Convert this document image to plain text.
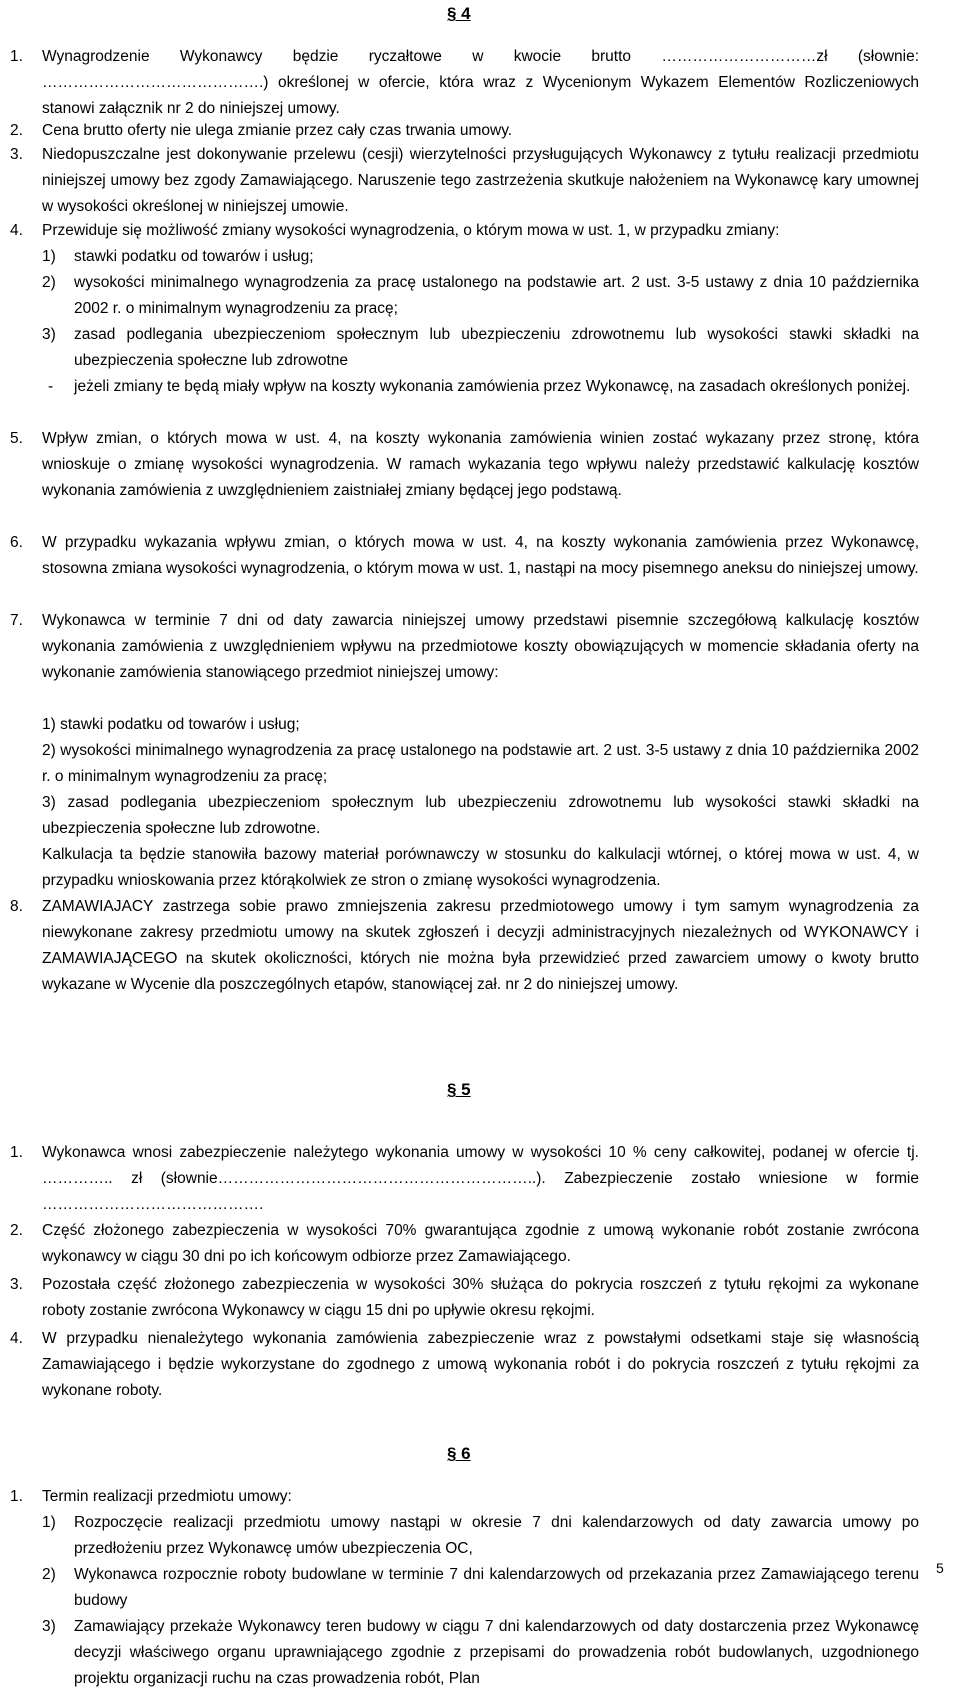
§ 4
1. Wynagrodzenie Wykonawcy będzie ryczałtowe w kwocie brutto …………………………zł (słownie: …………………………………….) określonej w ofercie, która wraz z Wycenionym Wykazem Elementów Rozliczeniowych stanowi załącznik nr 2 do niniejszej umowy.
2. Cena brutto oferty nie ulega zmianie przez cały czas trwania umowy.
3. Niedopuszczalne jest dokonywanie przelewu (cesji) wierzytelności przysługujących Wykonawcy z tytułu realizacji przedmiotu niniejszej umowy bez zgody Zamawiającego. Naruszenie tego zastrzeżenia skutkuje nałożeniem na Wykonawcę kary umownej w wysokości określonej w niniejszej umowie.
4. Przewiduje się możliwość zmiany wysokości wynagrodzenia, o którym mowa w ust. 1, w przypadku zmiany:
1) stawki podatku od towarów i usług;
2) wysokości minimalnego wynagrodzenia za pracę ustalonego na podstawie art. 2 ust. 3-5 ustawy z dnia 10 października 2002 r. o minimalnym wynagrodzeniu za pracę;
3) zasad podlegania ubezpieczeniom społecznym lub ubezpieczeniu zdrowotnemu lub wysokości stawki składki na ubezpieczenia społeczne lub zdrowotne
- jeżeli zmiany te będą miały wpływ na koszty wykonania zamówienia przez Wykonawcę, na zasadach określonych poniżej.
5. Wpływ zmian, o których mowa w ust. 4, na koszty wykonania zamówienia winien zostać wykazany przez stronę, która wnioskuje o zmianę wysokości wynagrodzenia. W ramach wykazania tego wpływu należy przedstawić kalkulację kosztów wykonania zamówienia z uwzględnieniem zaistniałej zmiany będącej jego podstawą.
6. W przypadku wykazania wpływu zmian, o których mowa w ust. 4, na koszty wykonania zamówienia przez Wykonawcę, stosowna zmiana wysokości wynagrodzenia, o którym mowa w ust. 1, nastąpi na mocy pisemnego aneksu do niniejszej umowy.
7. Wykonawca w terminie 7 dni od daty zawarcia niniejszej umowy przedstawi pisemnie szczegółową kalkulację kosztów wykonania zamówienia z uwzględnieniem wpływu na przedmiotowe koszty obowiązujących w momencie składania oferty na wykonanie zamówienia stanowiącego przedmiot niniejszej umowy:
1) stawki podatku od towarów i usług;
2) wysokości minimalnego wynagrodzenia za pracę ustalonego na podstawie art. 2 ust. 3-5 ustawy z dnia 10 października 2002 r. o minimalnym wynagrodzeniu za pracę;
3) zasad podlegania ubezpieczeniom społecznym lub ubezpieczeniu zdrowotnemu lub wysokości stawki składki na ubezpieczenia społeczne lub zdrowotne.
Kalkulacja ta będzie stanowiła bazowy materiał porównawczy w stosunku do kalkulacji wtórnej, o której mowa w ust. 4, w przypadku wnioskowania przez którąkolwiek ze stron o zmianę wysokości wynagrodzenia.
8. ZAMAWIAJACY zastrzega sobie prawo zmniejszenia zakresu przedmiotowego umowy i tym samym wynagrodzenia za niewykonane zakresy przedmiotu umowy na skutek zgłoszeń i decyzji administracyjnych niezależnych od WYKONAWCY i ZAMAWIAJĄCEGO na skutek okoliczności, których nie można była przewidzieć przed zawarciem umowy o kwoty brutto wykazane w Wycenie dla poszczególnych etapów, stanowiącej zał. nr 2 do niniejszej umowy.
§ 5
1. Wykonawca wnosi zabezpieczenie należytego wykonania umowy w wysokości 10 % ceny całkowitej, podanej w ofercie tj. ………….. zł (słownie……………………………………………………..). Zabezpieczenie zostało wniesione w formie …………………………………….
2. Część złożonego zabezpieczenia w wysokości 70% gwarantująca zgodnie z umową wykonanie robót zostanie zwrócona wykonawcy w ciągu 30 dni po ich końcowym odbiorze przez Zamawiającego.
3. Pozostała część złożonego zabezpieczenia w wysokości 30% służąca do pokrycia roszczeń z tytułu rękojmi za wykonane roboty zostanie zwrócona Wykonawcy w ciągu 15 dni po upływie okresu rękojmi.
4. W przypadku nienależytego wykonania zamówienia zabezpieczenie wraz z powstałymi odsetkami staje się własnością Zamawiającego i będzie wykorzystane do zgodnego z umową wykonania robót i do pokrycia roszczeń z tytułu rękojmi za wykonane roboty.
§ 6
1. Termin realizacji przedmiotu umowy:
1) Rozpoczęcie realizacji przedmiotu umowy nastąpi w okresie 7 dni kalendarzowych od daty zawarcia umowy po przedłożeniu przez Wykonawcę umów ubezpieczenia OC,
2) Wykonawca rozpocznie roboty budowlane w terminie 7 dni kalendarzowych od przekazania przez Zamawiającego terenu budowy
3) Zamawiający przekaże Wykonawcy teren budowy w ciągu 7 dni kalendarzowych od daty dostarczenia przez Wykonawcę decyzji właściwego organu uprawniającego zgodnie z przepisami do prowadzenia robót budowlanych, uzgodnionego projektu organizacji ruchu na czas prowadzenia robót, Plan
5
